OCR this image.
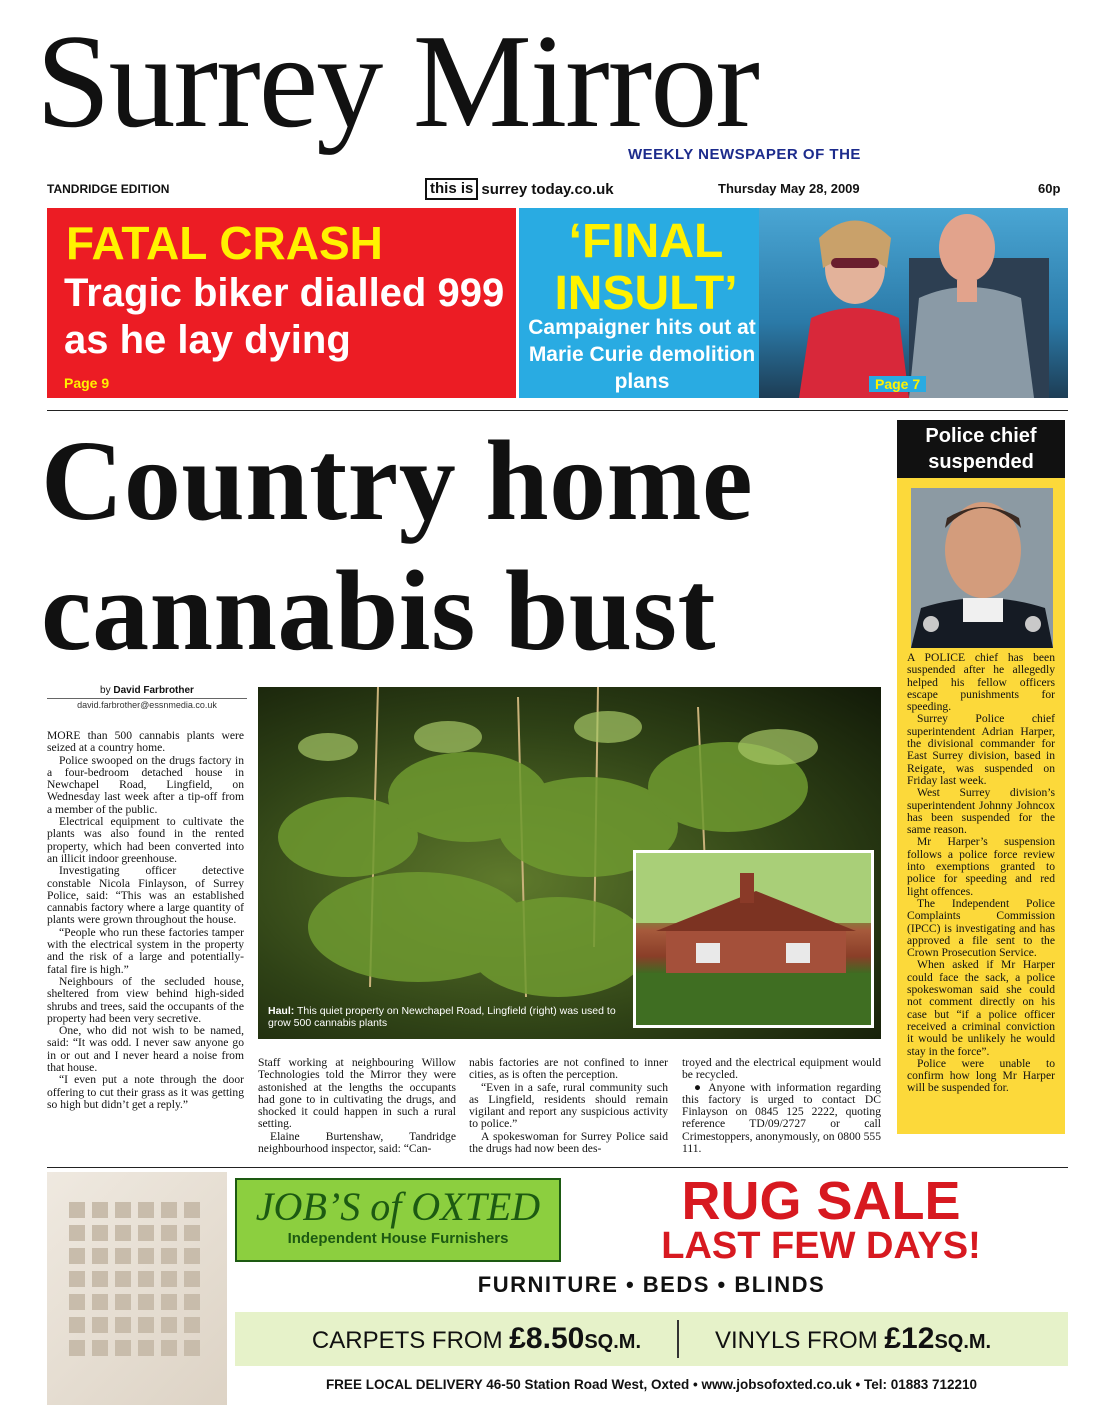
Surrey Mirror
WEEKLY NEWSPAPER OF THE
TANDRIDGE EDITION	this is surrey today.co.uk	Thursday May 28, 2009	60p
FATAL CRASH
Tragic biker dialled 999 as he lay dying
Page 9
‘FINAL INSULT’
Campaigner hits out at Marie Curie demolition plans	Page 7
Country home cannabis bust
Police chief suspended

A POLICE chief has been suspended after he allegedly helped his fellow officers escape punishments for speeding.

Surrey Police chief superintendent Adrian Harper, the divisional commander for East Surrey division, based in Reigate, was suspended on Friday last week.

West Surrey division’s superintendent Johnny Johncox has been suspended for the same reason.

Mr Harper’s suspension follows a police force review into exemptions granted to police for speeding and red light offences.

The Independent Police Complaints Commission (IPCC) is investigating and has approved a file sent to the Crown Prosecution Service.

When asked if Mr Harper could face the sack, a police spokeswoman said she could not comment directly on his case but “if a police officer received a criminal conviction it would be unlikely he would stay in the force”.

Police were unable to confirm how long Mr Harper will be suspended for.

by David Farbrother
david.farbrother@essnmedia.co.uk

MORE than 500 cannabis plants were seized at a country home.

Police swooped on the drugs factory in a four-bedroom detached house in Newchapel Road, Lingfield, on Wednesday last week after a tip-off from a member of the public.

Electrical equipment to cultivate the plants was also found in the rented property, which had been converted into an illicit indoor greenhouse.

Investigating officer detective constable Nicola Finlayson, of Surrey Police, said: “This was an established cannabis factory where a large quantity of plants were grown throughout the house.

“People who run these factories tamper with the electrical system in the property and the risk of a large and potentially-fatal fire is high.”

Neighbours of the secluded house, sheltered from view behind high-sided shrubs and trees, said the occupants of the property had been very secretive.

One, who did not wish to be named, said: “It was odd. I never saw anyone go in or out and I never heard a noise from that house.

“I even put a note through the door offering to cut their grass as it was getting so high but didn’t get a reply.”

Haul: This quiet property on Newchapel Road, Lingfield (right) was used to grow 500 cannabis plants

Staff working at neighbouring Willow Technologies told the Mirror they were astonished at the lengths the occupants had gone to in cultivating the drugs, and shocked it could happen in such a rural setting.

Elaine Burtenshaw, Tandridge neighbourhood inspector, said: “Can-

nabis factories are not confined to inner cities, as is often the perception.

“Even in a safe, rural community such as Lingfield, residents should remain vigilant and report any suspicious activity to police.”

A spokeswoman for Surrey Police said the drugs had now been des-

troyed and the electrical equipment would be recycled.

● Anyone with information regarding this factory is urged to contact DC Finlayson on 0845 125 2222, quoting reference TD/09/2727 or call Crimestoppers, anonymously, on 0800 555 111.

JOB’S of OXTED
Independent House Furnishers
RUG SALE
LAST FEW DAYS!
FURNITURE • BEDS • BLINDS
CARPETS FROM £8.50SQ.M.	VINYLS FROM £12SQ.M.
FREE LOCAL DELIVERY 46-50 Station Road West, Oxted • www.jobsofoxted.co.uk • Tel: 01883 712210
